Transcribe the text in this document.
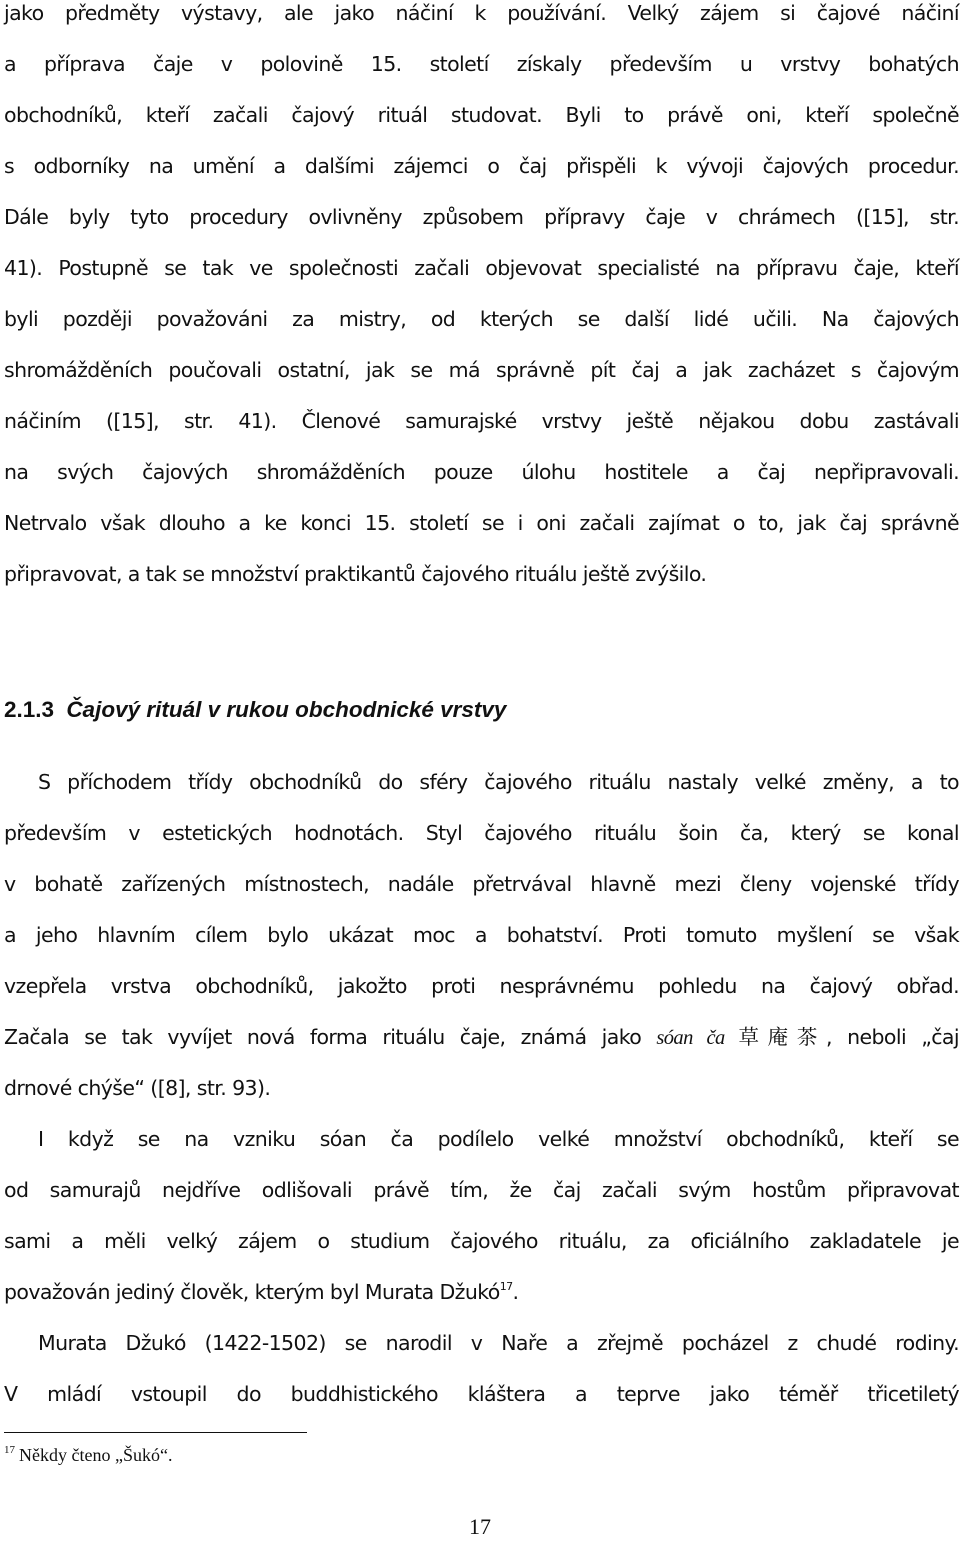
jako předměty výstavy, ale jako náčiní k používání. Velký zájem si čajové náčiní
a příprava čaje v polovině 15. století získaly především u vrstvy bohatých
obchodníků, kteří začali čajový rituál studovat. Byli to právě oni, kteří společně
s odborníky na umění a dalšími zájemci o čaj přispěli k vývoji čajových procedur.
Dále byly tyto procedury ovlivněny způsobem přípravy čaje v chrámech ([15], str.
41). Postupně se tak ve společnosti začali objevovat specialisté na přípravu čaje, kteří
byli později považováni za mistry, od kterých se další lidé učili. Na čajových
shromážděních poučovali ostatní, jak se má správně pít čaj a jak zacházet s čajovým
náčiním ([15], str. 41). Členové samurajské vrstvy ještě nějakou dobu zastávali
na svých čajových shromážděních pouze úlohu hostitele a čaj nepřipravovali.
Netrvalo však dlouho a ke konci 15. století se i oni začali zajímat o to, jak čaj správně
připravovat, a tak se množství praktikantů čajového rituálu ještě zvýšilo.
2.1.3 Čajový rituál v rukou obchodnické vrstvy
S příchodem třídy obchodníků do sféry čajového rituálu nastaly velké změny, a to
především v estetických hodnotách. Styl čajového rituálu šoin ča, který se konal
v bohatě zařízených místnostech, nadále přetrvával hlavně mezi členy vojenské třídy
a jeho hlavním cílem bylo ukázat moc a bohatství. Proti tomuto myšlení se však
vzepřela vrstva obchodníků, jakožto proti nesprávnému pohledu na čajový obřad.
Začala se tak vyvíjet nová forma rituálu čaje, známá jako sóan ča 草庵茶, neboli „čaj
drnové chýše“ ([8], str. 93).
I když se na vzniku sóan ča podílelo velké množství obchodníků, kteří se
od samurajů nejdříve odlišovali právě tím, že čaj začali svým hostům připravovat
sami a měli velký zájem o studium čajového rituálu, za oficiálního zakladatele je
považován jediný člověk, kterým byl Murata Džukó$^{17}$.
Murata Džukó (1422-1502) se narodil v Naře a zřejmě pocházel z chudé rodiny.
V mládí vstoupil do buddhistického kláštera a teprve jako téměř třicetiletý
$^{17}$ Někdy čteno „Šukó“.
17
